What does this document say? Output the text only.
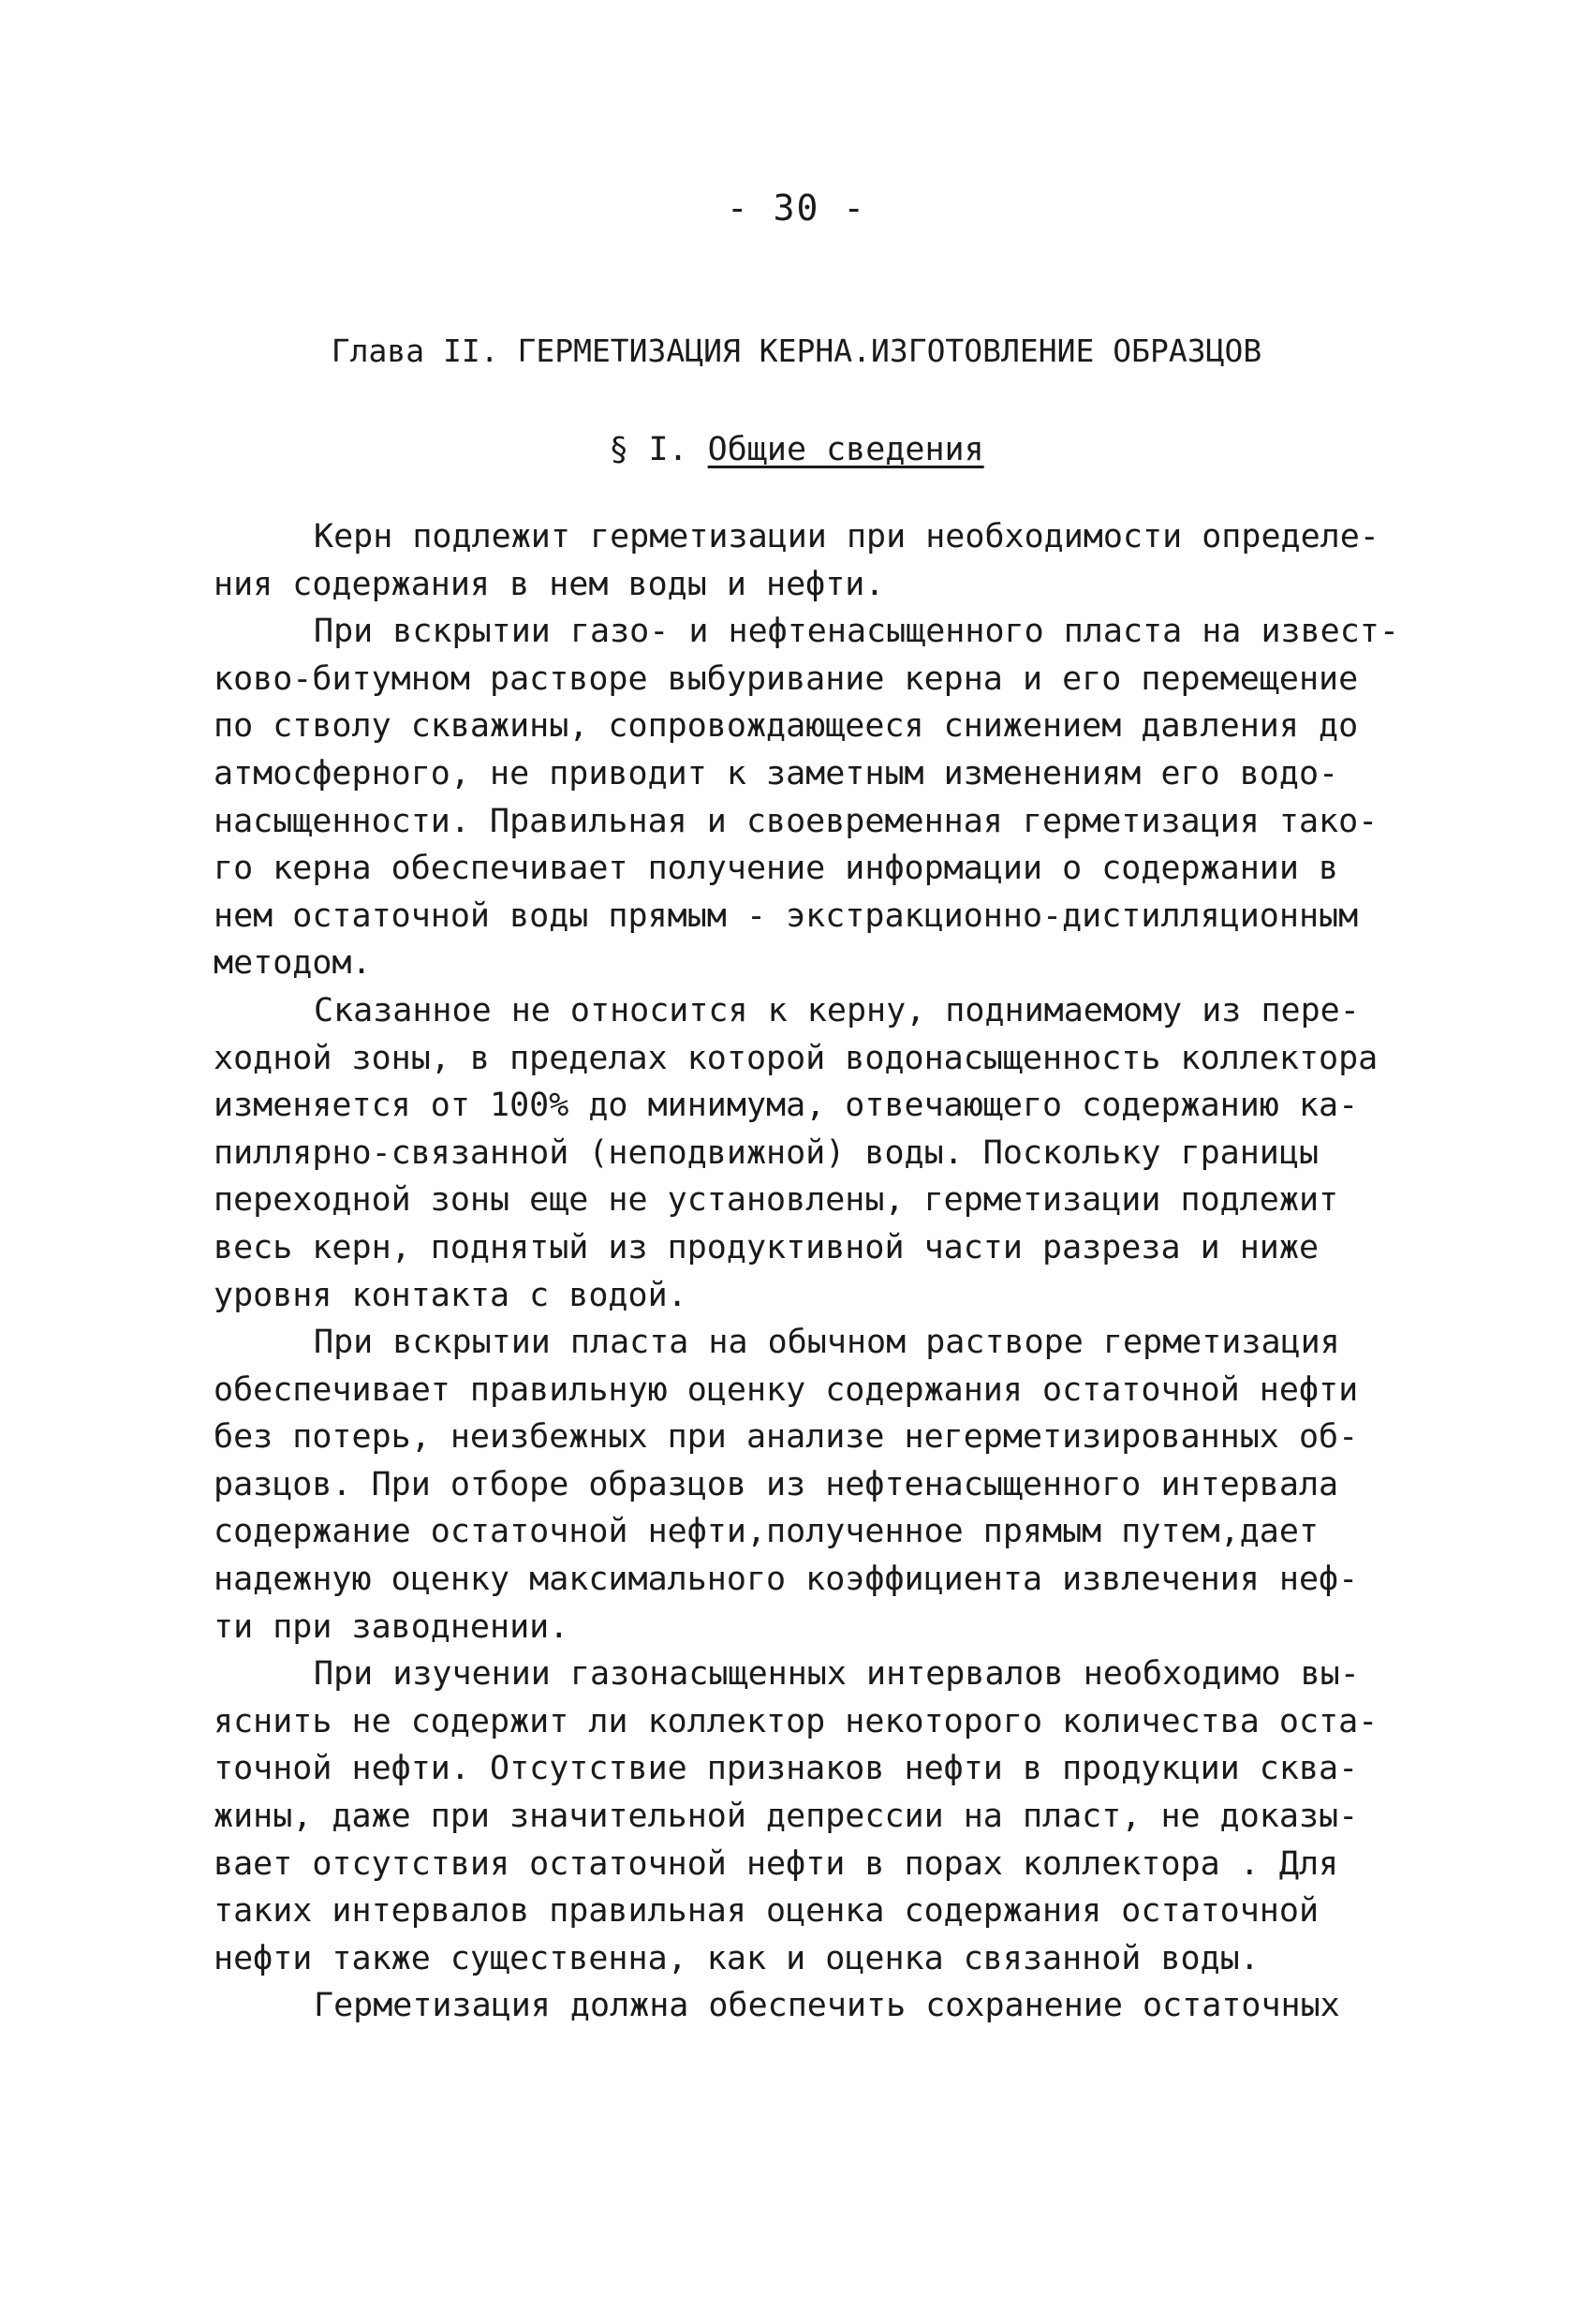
- 30 -
Глава II. ГЕРМЕТИЗАЦИЯ КЕРНА.ИЗГОТОВЛЕНИЕ ОБРАЗЦОВ
§ I. Общие сведения
Керн подлежит герметизации при необходимости определе-
ния содержания в нем воды и нефти.
При вскрытии газо- и нефтенасыщенного пласта на извест-
ково-битумном растворе выбуривание керна и его перемещение
по стволу скважины, сопровождающееся снижением давления до
атмосферного, не приводит к заметным изменениям его водо-
насыщенности. Правильная и своевременная герметизация тако-
го керна обеспечивает получение информации о содержании в
нем остаточной воды прямым - экстракционно-дистилляционным
методом.
Сказанное не относится к керну, поднимаемому из пере-
ходной зоны, в пределах которой водонасыщенность коллектора
изменяется от 100% до минимума, отвечающего содержанию ка-
пиллярно-связанной (неподвижной) воды. Поскольку границы
переходной зоны еще не установлены, герметизации подлежит
весь керн, поднятый из продуктивной части разреза и ниже
уровня контакта с водой.
При вскрытии пласта на обычном растворе герметизация
обеспечивает правильную оценку содержания остаточной нефти
без потерь, неизбежных при анализе негерметизированных об-
разцов. При отборе образцов из нефтенасыщенного интервала
содержание остаточной нефти,полученное прямым путем,дает
надежную оценку максимального коэффициента извлечения неф-
ти при заводнении.
При изучении газонасыщенных интервалов необходимо вы-
яснить не содержит ли коллектор некоторого количества оста-
точной нефти. Отсутствие признаков нефти в продукции сква-
жины, даже при значительной депрессии на пласт, не доказы-
вает отсутствия остаточной нефти в порах коллектора . Для
таких интервалов правильная оценка содержания остаточной
нефти также существенна, как и оценка связанной воды.
Герметизация должна обеспечить сохранение остаточных
